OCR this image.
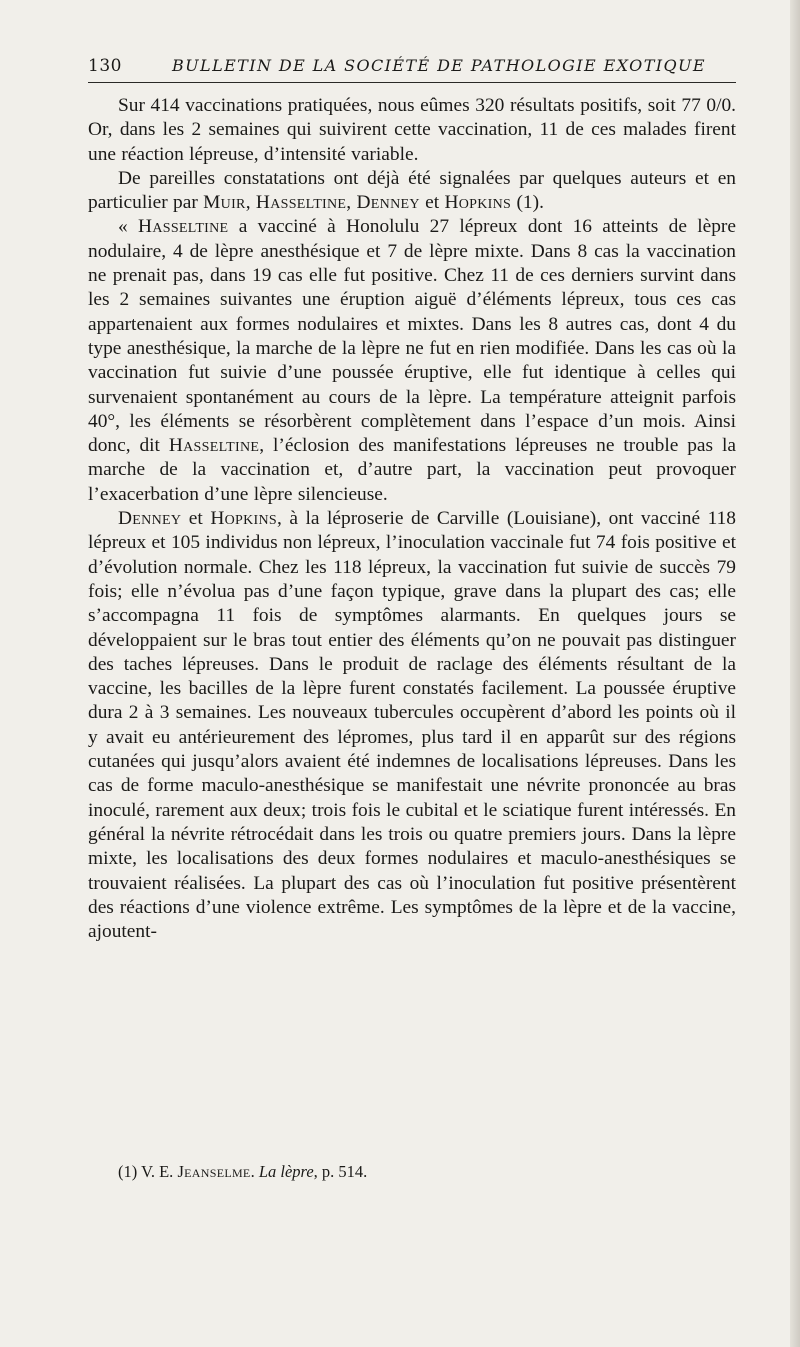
130	BULLETIN DE LA SOCIÉTÉ DE PATHOLOGIE EXOTIQUE

Sur 414 vaccinations pratiquées, nous eûmes 320 résultats positifs, soit 77 0/0. Or, dans les 2 semaines qui suivirent cette vaccination, 11 de ces malades firent une réaction lépreuse, d’intensité variable.

De pareilles constatations ont déjà été signalées par quelques auteurs et en particulier par Muir, Hasseltine, Denney et Hopkins (1).

« Hasseltine a vacciné à Honolulu 27 lépreux dont 16 atteints de lèpre nodulaire, 4 de lèpre anesthésique et 7 de lèpre mixte. Dans 8 cas la vaccination ne prenait pas, dans 19 cas elle fut positive. Chez 11 de ces derniers survint dans les 2 semaines suivantes une éruption aiguë d’éléments lépreux, tous ces cas appartenaient aux formes nodulaires et mixtes. Dans les 8 autres cas, dont 4 du type anesthésique, la marche de la lèpre ne fut en rien modifiée. Dans les cas où la vaccination fut suivie d’une poussée éruptive, elle fut identique à celles qui survenaient spontanément au cours de la lèpre. La température atteignit parfois 40°, les éléments se résorbèrent complètement dans l’espace d’un mois. Ainsi donc, dit Hasseltine, l’éclosion des manifestations lépreuses ne trouble pas la marche de la vaccination et, d’autre part, la vaccination peut provoquer l’exacerbation d’une lèpre silencieuse.

Denney et Hopkins, à la léproserie de Carville (Louisiane), ont vacciné 118 lépreux et 105 individus non lépreux, l’inoculation vaccinale fut 74 fois positive et d’évolution normale. Chez les 118 lépreux, la vaccination fut suivie de succès 79 fois; elle n’évolua pas d’une façon typique, grave dans la plupart des cas; elle s’accompagna 11 fois de symptômes alarmants. En quelques jours se développaient sur le bras tout entier des éléments qu’on ne pouvait pas distinguer des taches lépreuses. Dans le produit de raclage des éléments résultant de la vaccine, les bacilles de la lèpre furent constatés facilement. La poussée éruptive dura 2 à 3 semaines. Les nouveaux tubercules occupèrent d’abord les points où il y avait eu antérieurement des lépromes, plus tard il en apparût sur des régions cutanées qui jusqu’alors avaient été indemnes de localisations lépreuses. Dans les cas de forme maculo-anesthésique se manifestait une névrite prononcée au bras inoculé, rarement aux deux; trois fois le cubital et le sciatique furent intéressés. En général la névrite rétrocédait dans les trois ou quatre premiers jours. Dans la lèpre mixte, les localisations des deux formes nodulaires et maculo-anesthésiques se trouvaient réalisées. La plupart des cas où l’inoculation fut positive présentèrent des réactions d’une violence extrême. Les symptômes de la lèpre et de la vaccine, ajoutent-

(1) V. E. Jeanselme. La lèpre, p. 514.
